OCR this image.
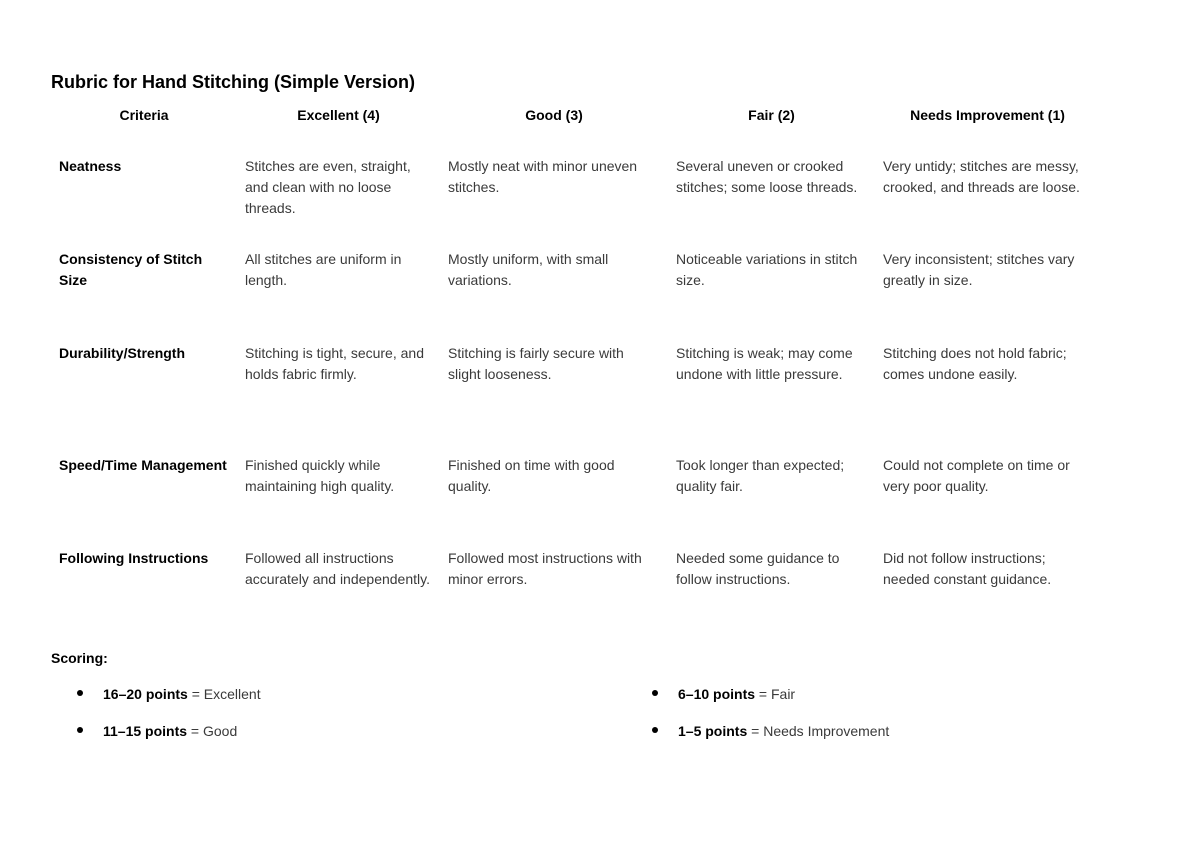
Rubric for Hand Stitching (Simple Version)
Criteria	Excellent (4)	Good (3)	Fair (2)	Needs Improvement (1)

Neatness	Stitches are even, straight, and clean with no loose threads.	Mostly neat with minor uneven stitches.	Several uneven or crooked stitches; some loose threads.	Very untidy; stitches are messy, crooked, and threads are loose.
Consistency of Stitch Size	All stitches are uniform in length.	Mostly uniform, with small variations.	Noticeable variations in stitch size.	Very inconsistent; stitches vary greatly in size.
Durability/Strength	Stitching is tight, secure, and holds fabric firmly.	Stitching is fairly secure with slight looseness.	Stitching is weak; may come undone with little pressure.	Stitching does not hold fabric; comes undone easily.
Speed/Time Management	Finished quickly while maintaining high quality.	Finished on time with good quality.	Took longer than expected; quality fair.	Could not complete on time or very poor quality.
Following Instructions	Followed all instructions accurately and independently.	Followed most instructions with minor errors.	Needed some guidance to follow instructions.	Did not follow instructions; needed constant guidance.
Scoring:
16–20 points = Excellent
11–15 points = Good
6–10 points = Fair
1–5 points = Needs Improvement
